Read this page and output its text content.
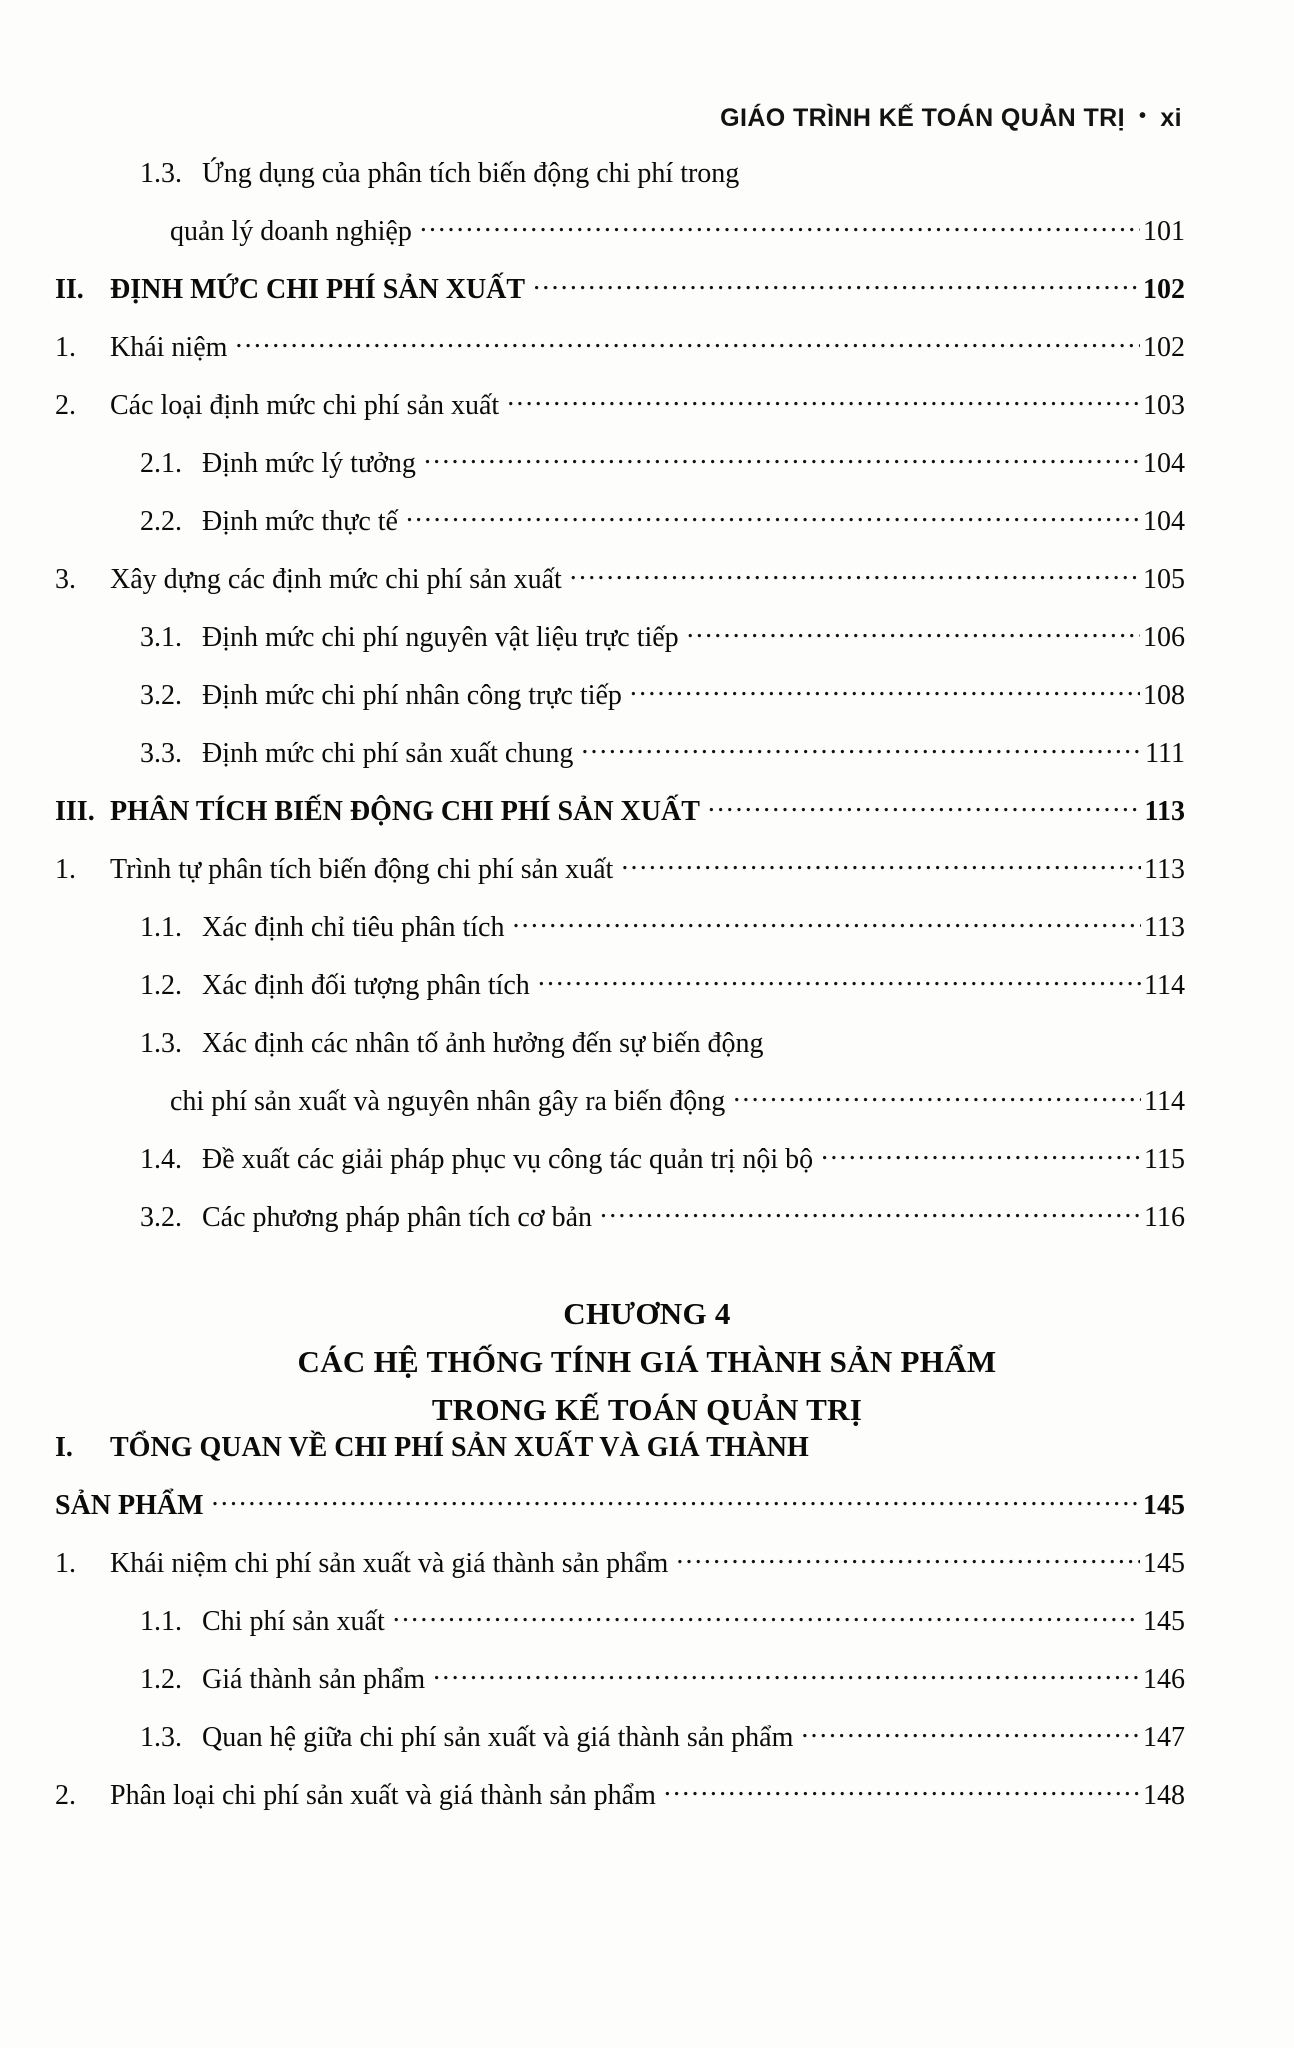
GIÁO TRÌNH KẾ TOÁN QUẢN TRỊ • xi
1.3. Ứng dụng của phân tích biến động chi phí trong
quản lý doanh nghiệp .....	101
II. ĐỊNH MỨC CHI PHÍ SẢN XUẤT .....	102
1.	Khái niệm .....	102
2.	Các loại định mức chi phí sản xuất .....	103
2.1. Định mức lý tưởng .....	104
2.2. Định mức thực tế .....	104
3.	Xây dựng các định mức chi phí sản xuất .....	105
3.1. Định mức chi phí nguyên vật liệu trực tiếp .....	106
3.2. Định mức chi phí nhân công trực tiếp .....	108
3.3. Định mức chi phí sản xuất chung .....	111
III. PHÂN TÍCH BIẾN ĐỘNG CHI PHÍ SẢN XUẤT .....	113
1.	Trình tự phân tích biến động chi phí sản xuất .....	113
1.1. Xác định chỉ tiêu phân tích .....	113
1.2. Xác định đối tượng phân tích .....	114
1.3. Xác định các nhân tố ảnh hưởng đến sự biến động
chi phí sản xuất và nguyên nhân gây ra biến động .....	114
1.4. Đề xuất các giải pháp phục vụ công tác quản trị nội bộ .....	115
3.2. Các phương pháp phân tích cơ bản .....	116
CHƯƠNG 4
CÁC HỆ THỐNG TÍNH GIÁ THÀNH SẢN PHẨM
TRONG KẾ TOÁN QUẢN TRỊ
I.	TỔNG QUAN VỀ CHI PHÍ SẢN XUẤT VÀ GIÁ THÀNH
SẢN PHẨM .....	145
1.	Khái niệm chi phí sản xuất và giá thành sản phẩm .....	145
1.1. Chi phí sản xuất .....	145
1.2. Giá thành sản phẩm .....	146
1.3. Quan hệ giữa chi phí sản xuất và giá thành sản phẩm .....	147
2.	Phân loại chi phí sản xuất và giá thành sản phẩm .....	148
